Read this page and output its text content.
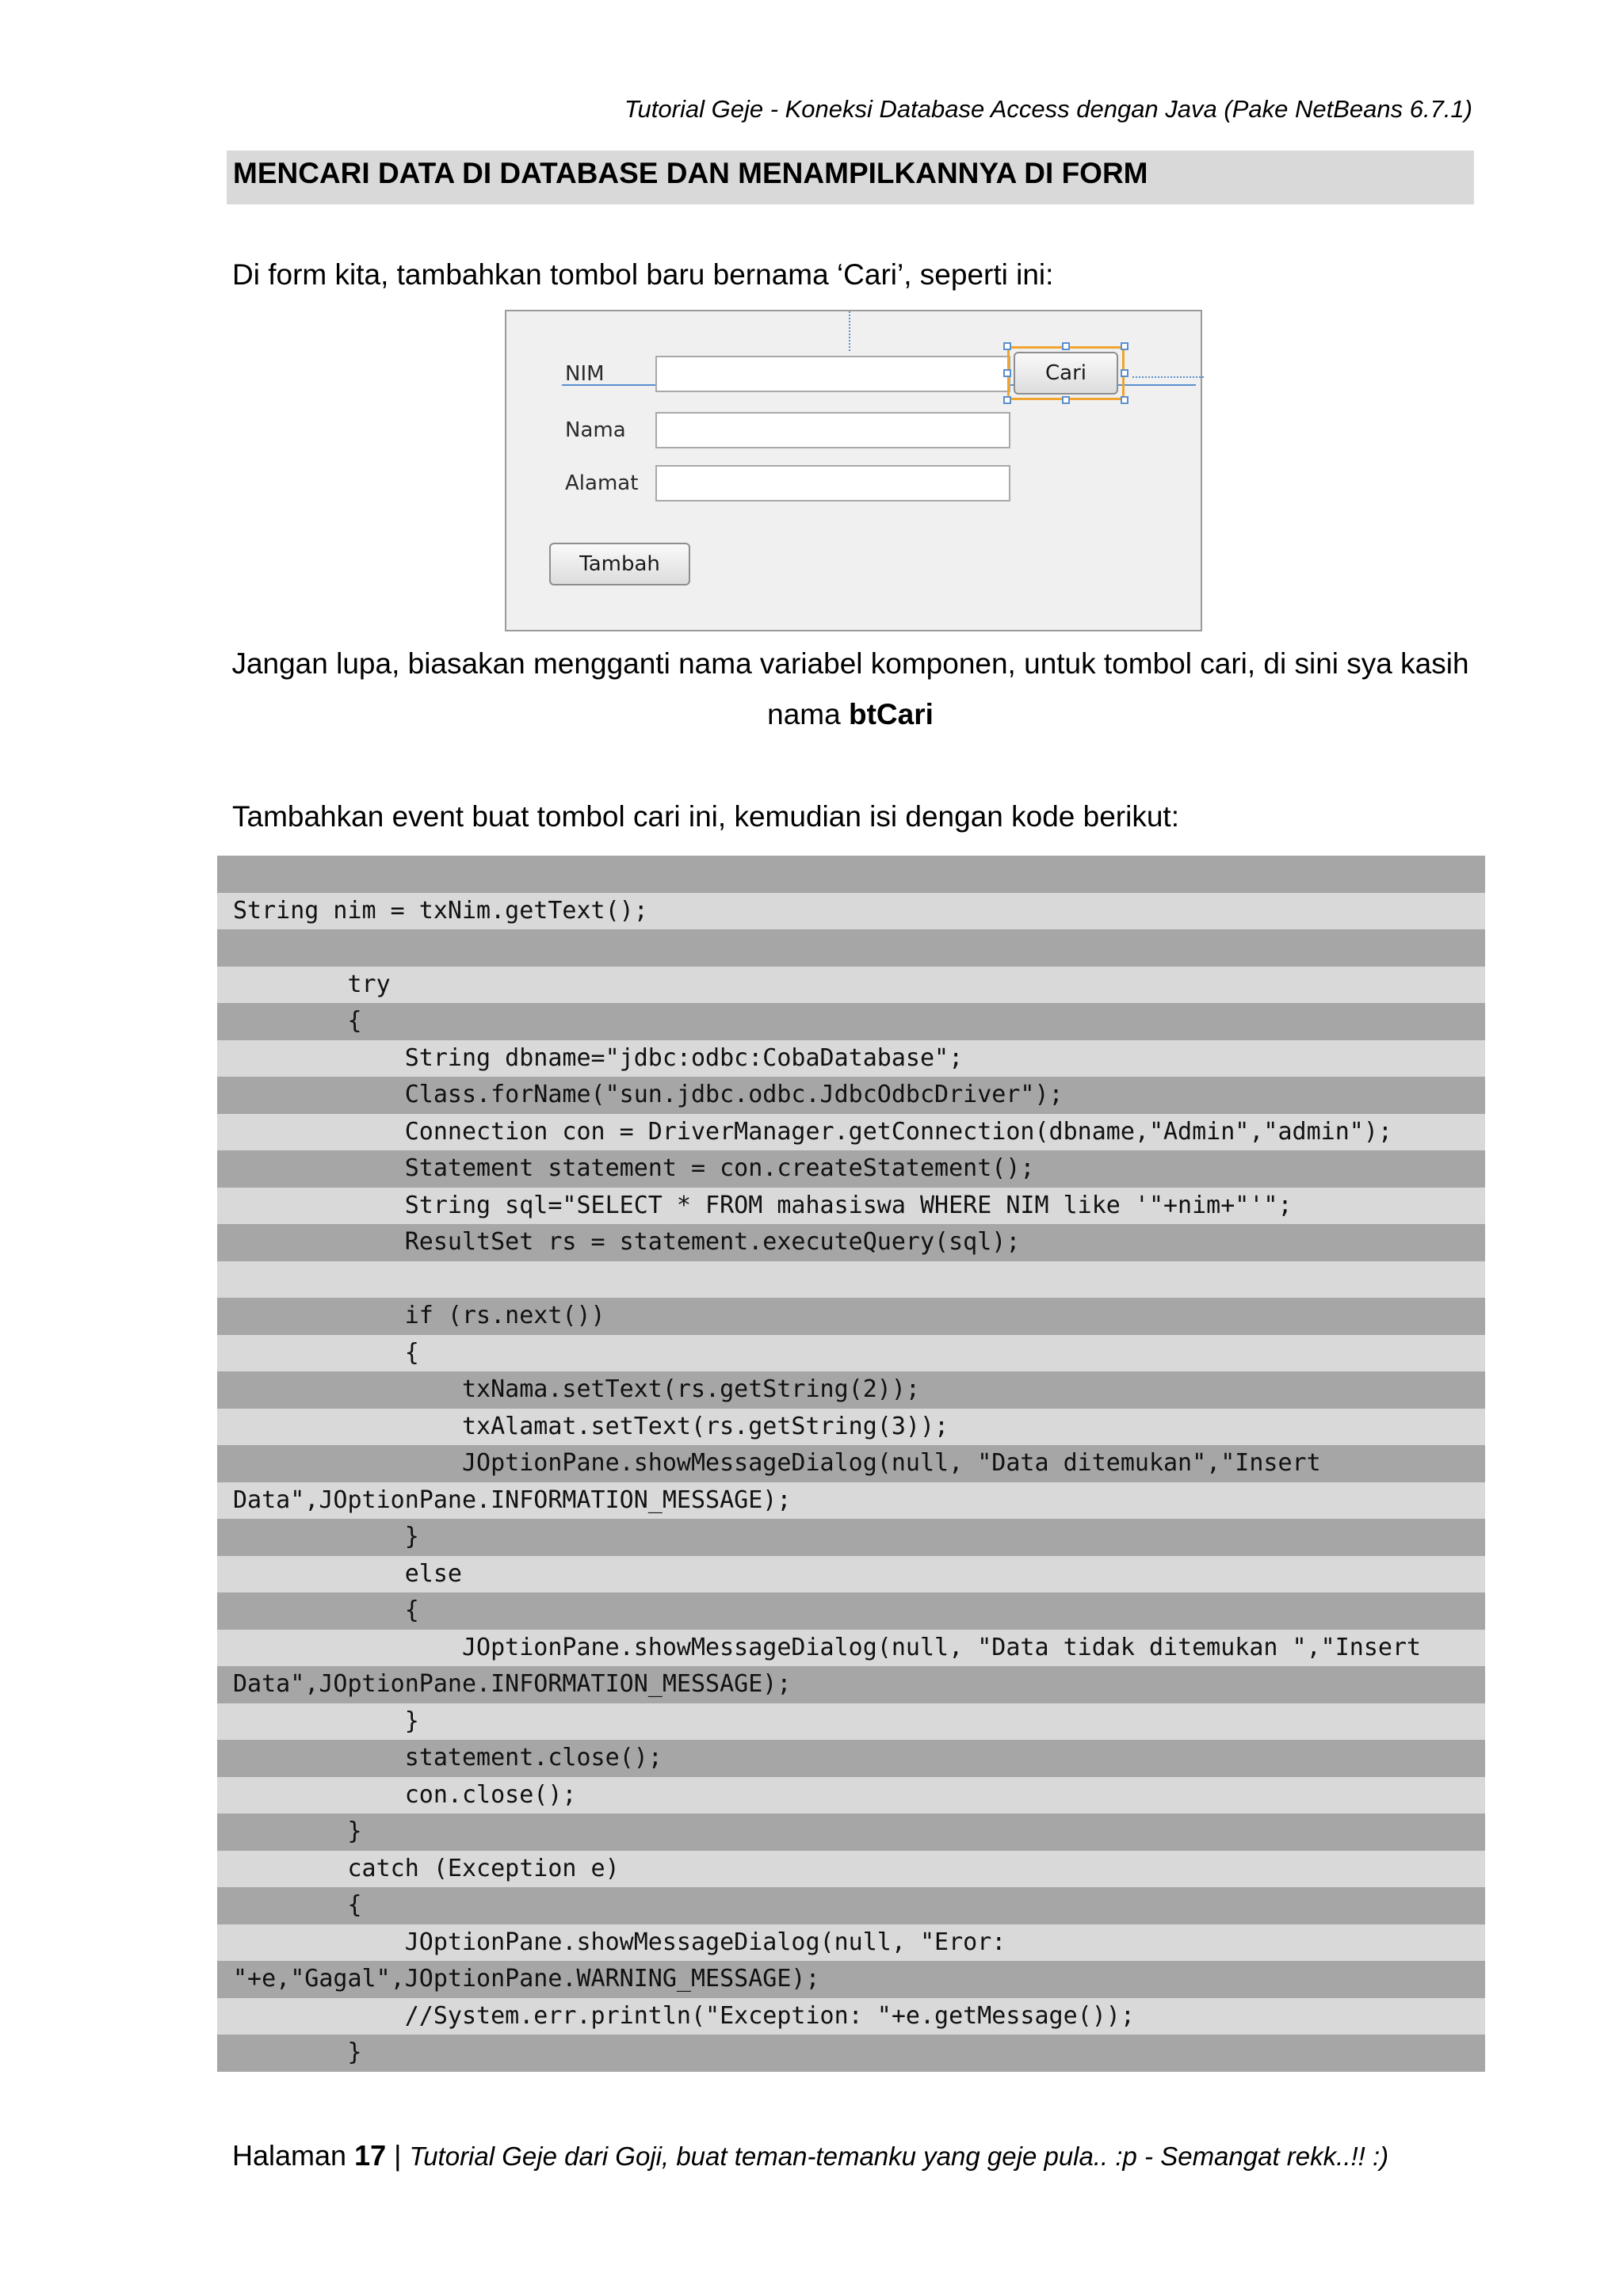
Tutorial Geje - Koneksi Database Access dengan Java (Pake NetBeans 6.7.1)
MENCARI DATA DI DATABASE DAN MENAMPILKANNYA DI FORM
Di form kita, tambahkan tombol baru bernama ‘Cari’, seperti ini:
NIM
Nama
Alamat
Cari
Tambah
Jangan lupa, biasakan mengganti nama variabel komponen, untuk tombol cari, di sini sya kasih nama btCari
Tambahkan event buat tombol cari ini, kemudian isi dengan kode berikut:
String nim = txNim.getText();
try
{
String dbname="jdbc:odbc:CobaDatabase";
Class.forName("sun.jdbc.odbc.JdbcOdbcDriver");
Connection con = DriverManager.getConnection(dbname,"Admin","admin");
Statement statement = con.createStatement();
String sql="SELECT * FROM mahasiswa WHERE NIM like '"+nim+"'";
ResultSet rs = statement.executeQuery(sql);
if (rs.next())
{
txNama.setText(rs.getString(2));
txAlamat.setText(rs.getString(3));
JOptionPane.showMessageDialog(null, "Data ditemukan","Insert
Data",JOptionPane.INFORMATION_MESSAGE);
}
else
{
JOptionPane.showMessageDialog(null, "Data tidak ditemukan ","Insert
Data",JOptionPane.INFORMATION_MESSAGE);
}
statement.close();
con.close();
}
catch (Exception e)
{
JOptionPane.showMessageDialog(null, "Eror:
"+e,"Gagal",JOptionPane.WARNING_MESSAGE);
//System.err.println("Exception: "+e.getMessage());
}
Halaman 17 | Tutorial Geje dari Goji, buat teman-temanku yang geje pula.. :p - Semangat rekk..!! :)
